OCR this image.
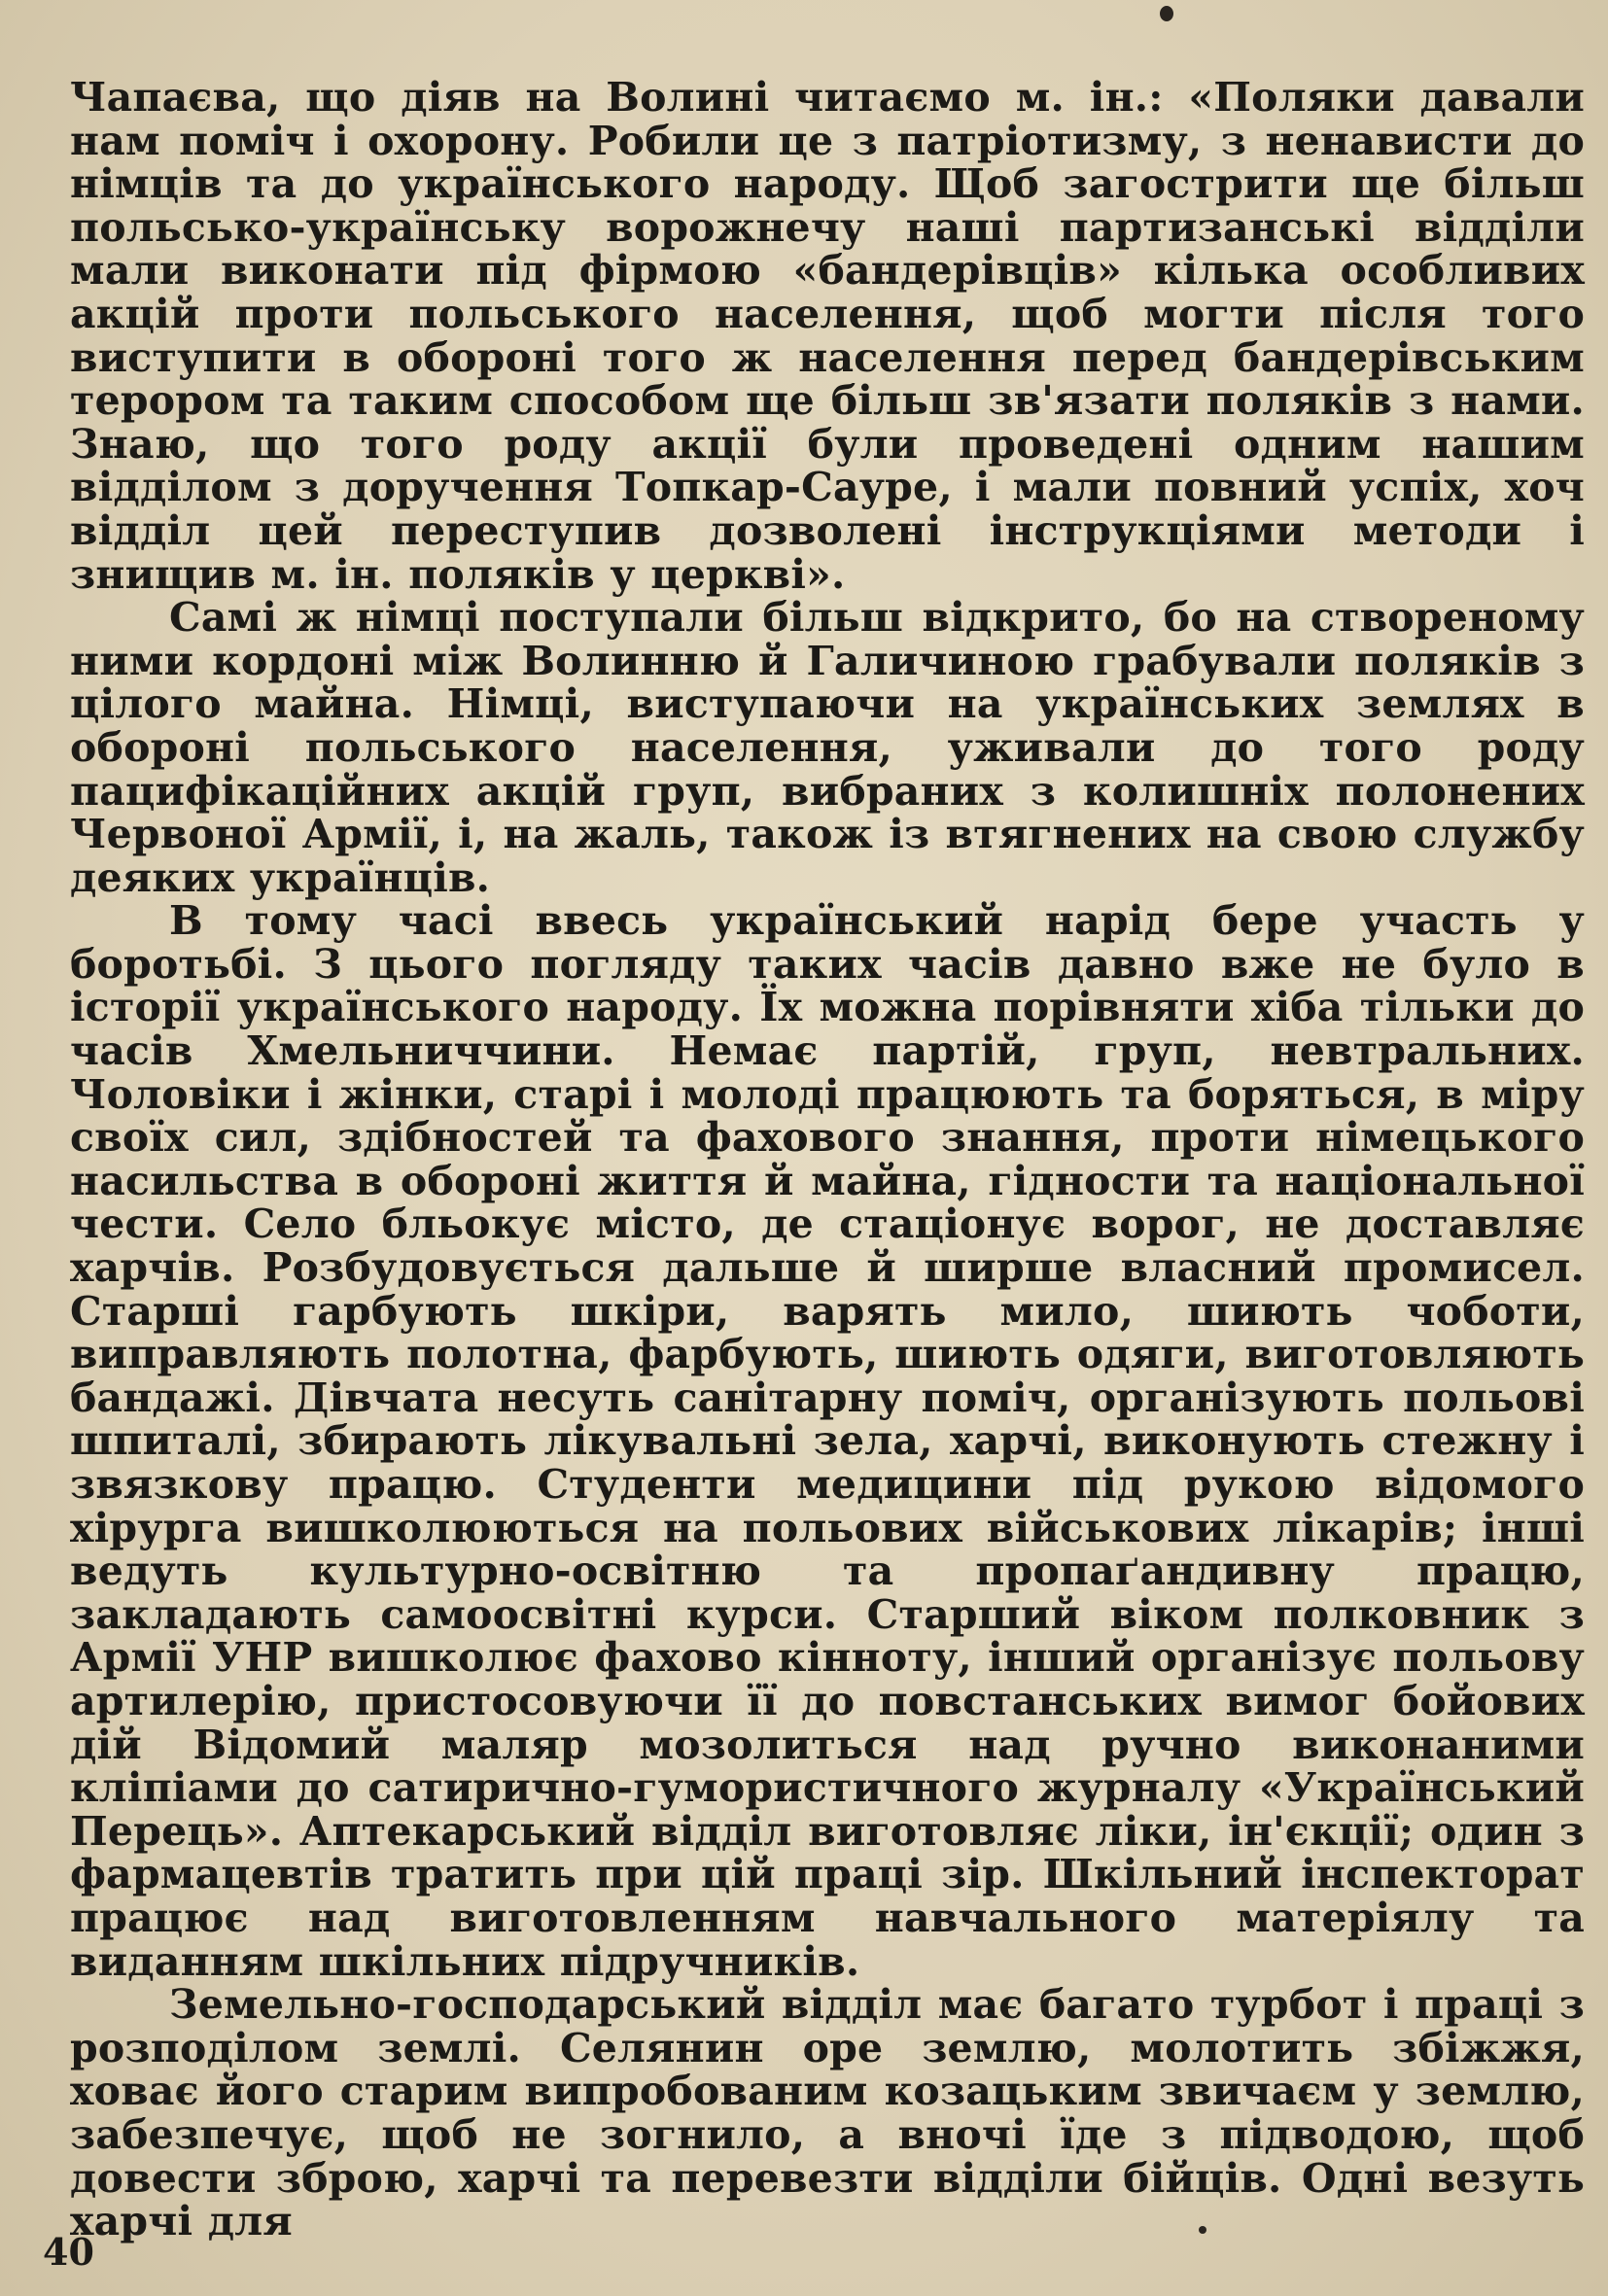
Чапаєва, що діяв на Волині читаємо м. ін.: «Поляки давали нам поміч і охорону. Робили це з патріотизму, з ненависти до німців та до українського народу. Щоб загострити ще більш польсько-українську ворожнечу наші партизанські відділи мали виконати під фірмою «бандерівців» кілька особливих акцій проти польського населення, щоб могти після того виступити в обороні того ж населення перед бандерівським терором та таким способом ще більш зв'язати поляків з нами. Знаю, що того роду акції були проведені одним нашим відділом з доручення Топкар-Сауре, і мали повний успіх, хоч відділ цей переступив дозволені інструкціями методи і знищив м. ін. поляків у церкві».

Самі ж німці поступали більш відкрито, бо на створеному ними кордоні між Волинню й Галичиною грабували поляків з цілого майна. Німці, виступаючи на українських землях в обороні польського населення, уживали до того роду пацифікаційних акцій груп, вибраних з колишніх полонених Червоної Армії, і, на жаль, також із втягнених на свою службу деяких українців.

В тому часі ввесь український нарід бере участь у боротьбі. З цього погляду таких часів давно вже не було в історії українського народу. Їх можна порівняти хіба тільки до часів Хмельниччини. Немає партій, груп, невтральних. Чоловіки і жінки, старі і молоді працюють та боряться, в міру своїх сил, здібностей та фахового знання, проти німецького насильства в обороні життя й майна, гідности та національної чести. Село бльокує місто, де стаціонує ворог, не доставляє харчів. Розбудовується дальше й ширше власний промисел. Старші гарбують шкіри, варять мило, шиють чоботи, виправляють полотна, фарбують, шиють одяги, виготовляють бандажі. Дівчата несуть санітарну поміч, організують польові шпиталі, збирають лікувальні зела, харчі, виконують стежну і звязкову працю. Студенти медицини під рукою відомого хірурга вишколюються на польових військових лікарів; інші ведуть культурно-освітню та пропаґандивну працю, закладають самоосвітні курси. Старший віком полковник з Армії УНР вишколює фахово кінноту, інший організує польову артилерію, пристосовуючи її до повстанських вимог бойових дій Відомий маляр мозолиться над ручно виконаними кліпіами до сатирично-гумористичного журналу «Український Перець». Аптекарський відділ виготовляє ліки, ін'єкції; один з фармацевтів тратить при цій праці зір. Шкільний інспекторат працює над виготовленням навчального матеріялу та виданням шкільних підручників.

Земельно-господарський відділ має багато турбот і праці з розподілом землі. Селянин оре землю, молотить збіжжя, ховає його старим випробованим козацьким звичаєм у землю, забезпечує, щоб не зогнило, а вночі їде з підводою, щоб довести зброю, харчі та перевезти відділи бійців. Одні везуть харчі для

40
